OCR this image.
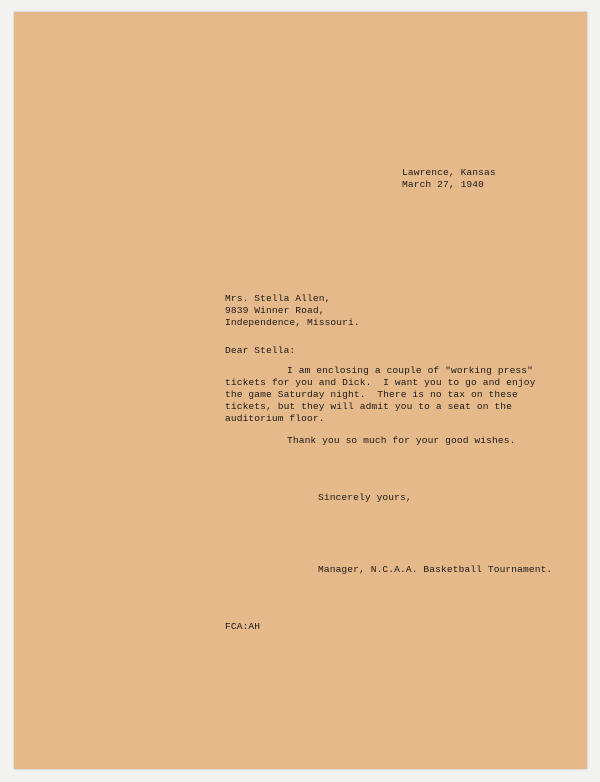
Lawrence, Kansas
March 27, 1940
Mrs. Stella Allen,
9839 Winner Road,
Independence, Missouri.
Dear Stella:
I am enclosing a couple of "working press"
tickets for you and Dick.  I want you to go and enjoy
the game Saturday night.  There is no tax on these
tickets, but they will admit you to a seat on the
auditorium floor.
Thank you so much for your good wishes.
Sincerely yours,
Manager, N.C.A.A. Basketball Tournament.
FCA:AH
